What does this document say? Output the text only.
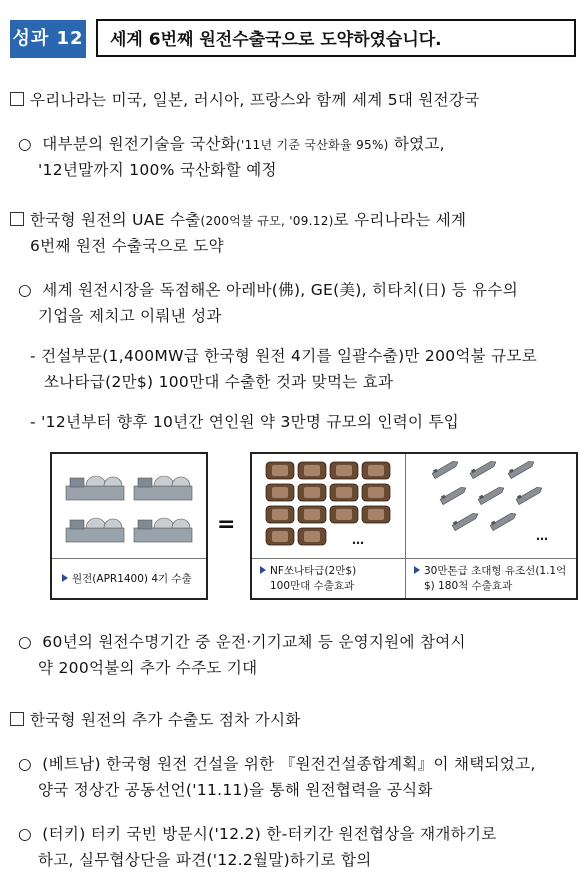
성과 12	세계 6번째 원전수출국으로 도약하였습니다.
우리나라는 미국, 일본, 러시아, 프랑스와 함께 세계 5대 원전강국
○ 대부분의 원전기술을 국산화('11년 기준 국산화율 95%) 하였고,
'12년말까지 100% 국산화할 예정
한국형 원전의 UAE 수출(200억불 규모, '09.12)로 우리나라는 세계
6번째 원전 수출국으로 도약
○ 세계 원전시장을 독점해온 아레바(佛), GE(美), 히타치(日) 등 유수의
기업을 제치고 이뤄낸 성과
- 건설부문(1,400MW급 한국형 원전 4기를 일괄수출)만 200억불 규모로
쏘나타급(2만$) 100만대 수출한 것과 맞먹는 효과
- '12년부터 향후 10년간 연인원 약 3만명 규모의 인력이 투입
원전(APR1400) 4기 수출
=
…	…
NF쏘나타급(2만$)
100만대 수출효과
30만톤급 초대형 유조선(1.1억
$) 180척 수출효과
○ 60년의 원전수명기간 중 운전·기기교체 등 운영지원에 참여시
약 200억불의 추가 수주도 기대
한국형 원전의 추가 수출도 점차 가시화
○ (베트남) 한국형 원전 건설을 위한 『원전건설종합계획』이 채택되었고,
양국 정상간 공동선언('11.11)을 통해 원전협력을 공식화
○ (터키) 터키 국빈 방문시('12.2) 한-터키간 원전협상을 재개하기로
하고, 실무협상단을 파견('12.2월말)하기로 합의
